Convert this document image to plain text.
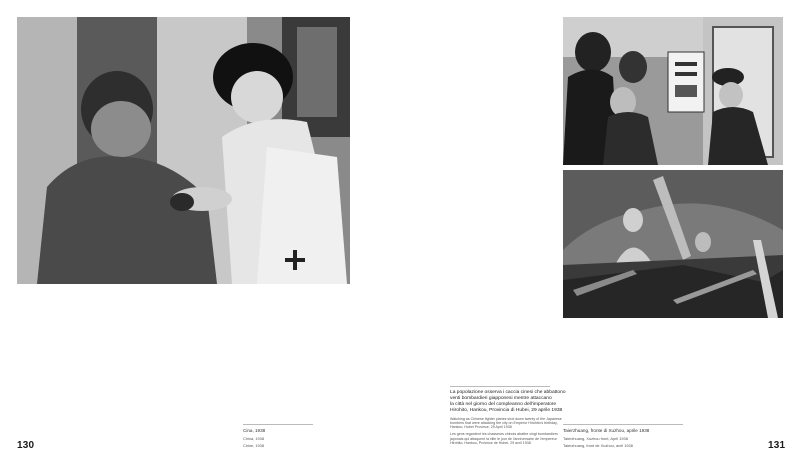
130	131
Cina, 1938
China, 1938
Chine, 1938
La popolazione osserva i caccia cinesi che abbattono
venti bombardieri giapponesi mentre attaccano
la città nel giorno del compleanno dell'imperatore
Hirohito, Hankou, Provincia di Hubei, 29 aprile 1938
Watching as Chinese fighter planes shot down twenty of the Japanese
bombers that were attacking the city on Emperor Hirohito's birthday,
Hankou, Hubei Province, 29 April 1938
Les gens regardent les chasseurs chinois abattre vingt bombardiers
japonais qui attaquent la ville le jour de l'anniversaire de l'empereur
Hirohito, Hankou, Province de Hubei, 29 avril 1938
Taierzhuang, fronte di Xuzhou, aprile 1938
Taierzhuang, Xuzhou front, April 1938
Taierzhuang, front de Xuzhou, avril 1938
